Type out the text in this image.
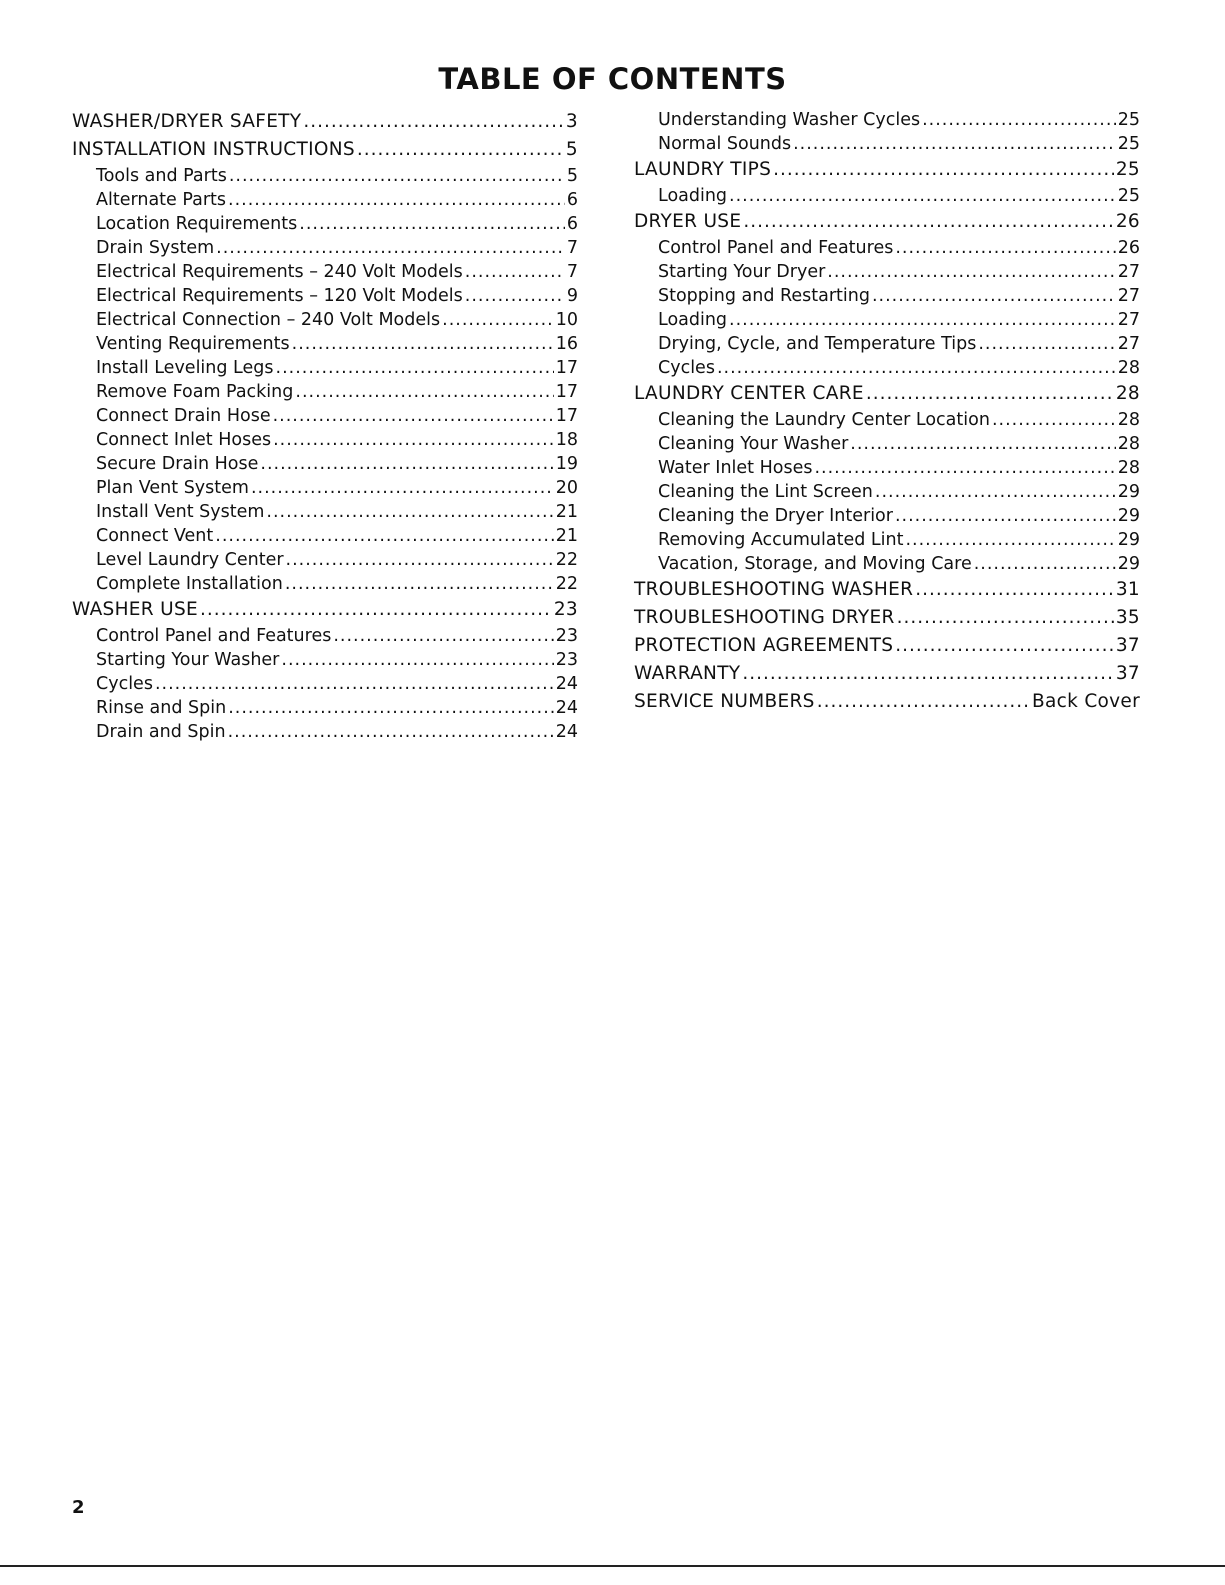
TABLE OF CONTENTS
WASHER/DRYER SAFETY .....	3
INSTALLATION INSTRUCTIONS .....	5
Tools and Parts .....	5
Alternate Parts .....	6
Location Requirements .....	6
Drain System .....	7
Electrical Requirements – 240 Volt Models .....	7
Electrical Requirements – 120 Volt Models .....	9
Electrical Connection – 240 Volt Models .....	10
Venting Requirements .....	16
Install Leveling Legs .....	17
Remove Foam Packing .....	17
Connect Drain Hose .....	17
Connect Inlet Hoses .....	18
Secure Drain Hose .....	19
Plan Vent System .....	20
Install Vent System .....	21
Connect Vent .....	21
Level Laundry Center .....	22
Complete Installation .....	22
WASHER USE .....	23
Control Panel and Features .....	23
Starting Your Washer .....	23
Cycles .....	24
Rinse and Spin .....	24
Drain and Spin .....	24
Understanding Washer Cycles .....	25
Normal Sounds .....	25
LAUNDRY TIPS .....	25
Loading .....	25
DRYER USE .....	26
Control Panel and Features .....	26
Starting Your Dryer .....	27
Stopping and Restarting .....	27
Loading .....	27
Drying, Cycle, and Temperature Tips .....	27
Cycles .....	28
LAUNDRY CENTER CARE .....	28
Cleaning the Laundry Center Location .....	28
Cleaning Your Washer .....	28
Water Inlet Hoses .....	28
Cleaning the Lint Screen .....	29
Cleaning the Dryer Interior .....	29
Removing Accumulated Lint .....	29
Vacation, Storage, and Moving Care .....	29
TROUBLESHOOTING WASHER .....	31
TROUBLESHOOTING DRYER .....	35
PROTECTION AGREEMENTS .....	37
WARRANTY .....	37
SERVICE NUMBERS .....	Back Cover
2
